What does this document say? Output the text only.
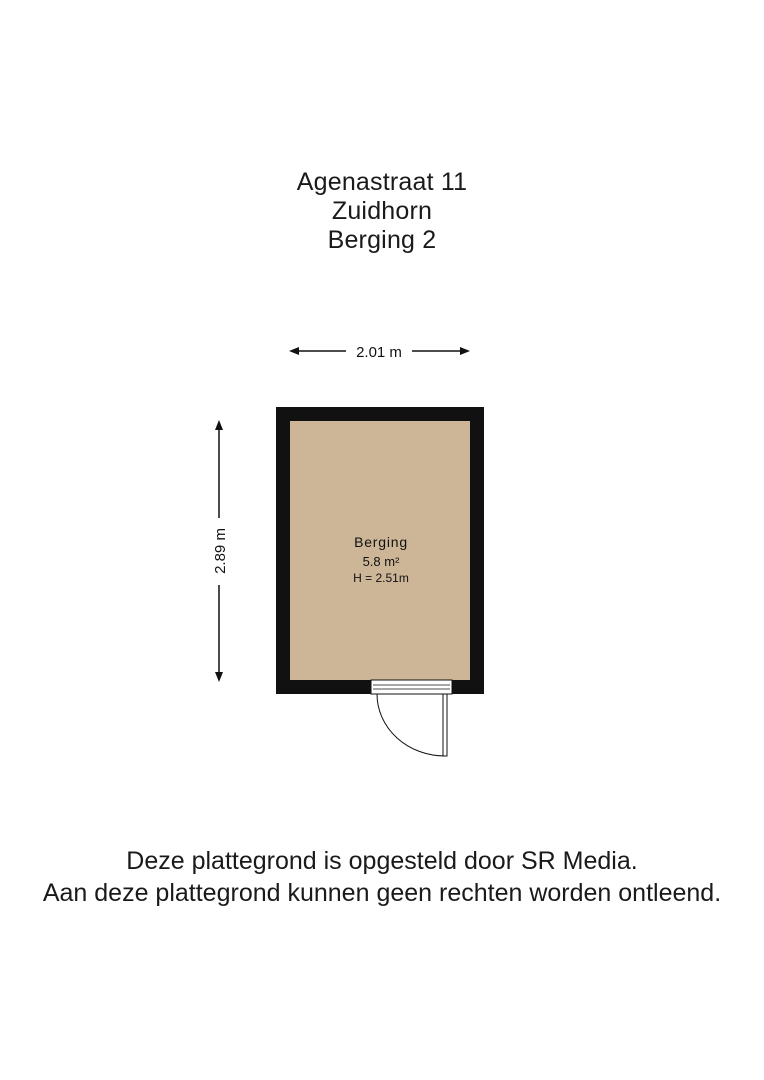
Agenastraat 11
Zuidhorn
Berging 2
2.01 m
2.89 m	Berging
5.8 m²
H = 2.51m
Deze plattegrond is opgesteld door SR Media.
Aan deze plattegrond kunnen geen rechten worden ontleend.
